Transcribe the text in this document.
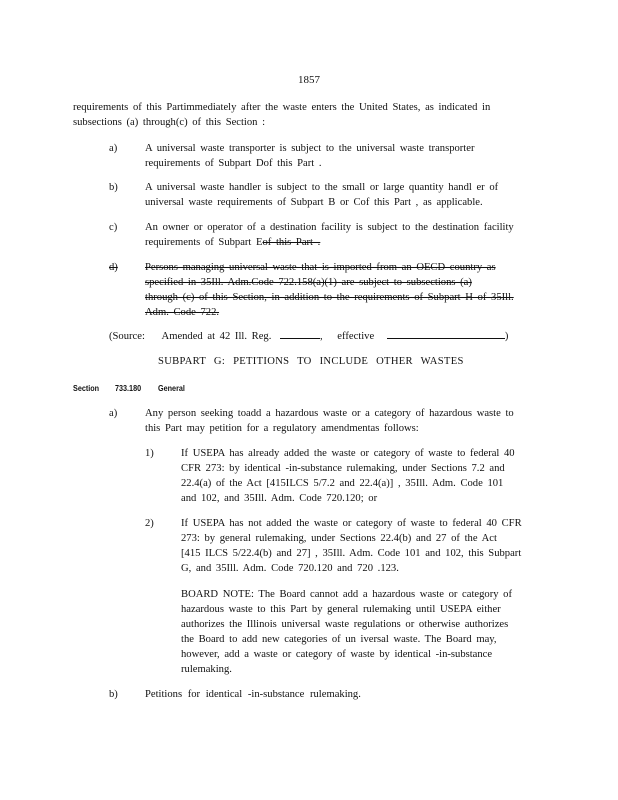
1857

requirements of this Partimmediately after the waste enters the United States, as indicated in

subsections (a) through(c) of this Section :

a)	A universal waste transporter is subject to the universal waste transporter

requirements of Subpart Dof this Part .

b)	A universal waste handler is subject to the small or large quantity handl er of

universal waste requirements of Subpart B or Cof this Part , as applicable.

c)	An owner or operator of a destination facility is subject to the destination facility

requirements of Subpart Eof this Part .

d)	Persons managing universal waste that is imported from an OECD country as

specified in 35Ill. Adm.Code 722.158(a)(1) are subject to subsections (a)

through (c) of this Section, in addition to the requirements of Subpart H of 35Ill.

Adm. Code 722.

(Source: Amended at 42 Ill. Reg.	, effective	)
SUBPART G: PETITIONS TO INCLUDE OTHER WASTES
Section 733.180 General
a)	Any person seeking toadd a hazardous waste or a category of hazardous waste to

this Part may petition for a regulatory amendmentas follows:

1)	If USEPA has already added the waste or category of waste to federal 40

CFR 273: by identical -in-substance rulemaking, under Sections 7.2 and

22.4(a) of the Act [415ILCS 5/7.2 and 22.4(a)] , 35Ill. Adm. Code 101

and 102, and 35Ill. Adm. Code 720.120; or

2)	If USEPA has not added the waste or category of waste to federal 40 CFR

273: by general rulemaking, under Sections 22.4(b) and 27 of the Act

[415 ILCS 5/22.4(b) and 27] , 35Ill. Adm. Code 101 and 102, this Subpart

G, and 35Ill. Adm. Code 720.120 and 720 .123.

BOARD NOTE: The Board cannot add a hazardous waste or category of

hazardous waste to this Part by general rulemaking until USEPA either

authorizes the Illinois universal waste regulations or otherwise authorizes

the Board to add new categories of un iversal waste. The Board may,

however, add a waste or category of waste by identical -in-substance

rulemaking.

b)	Petitions for identical -in-substance rulemaking.
